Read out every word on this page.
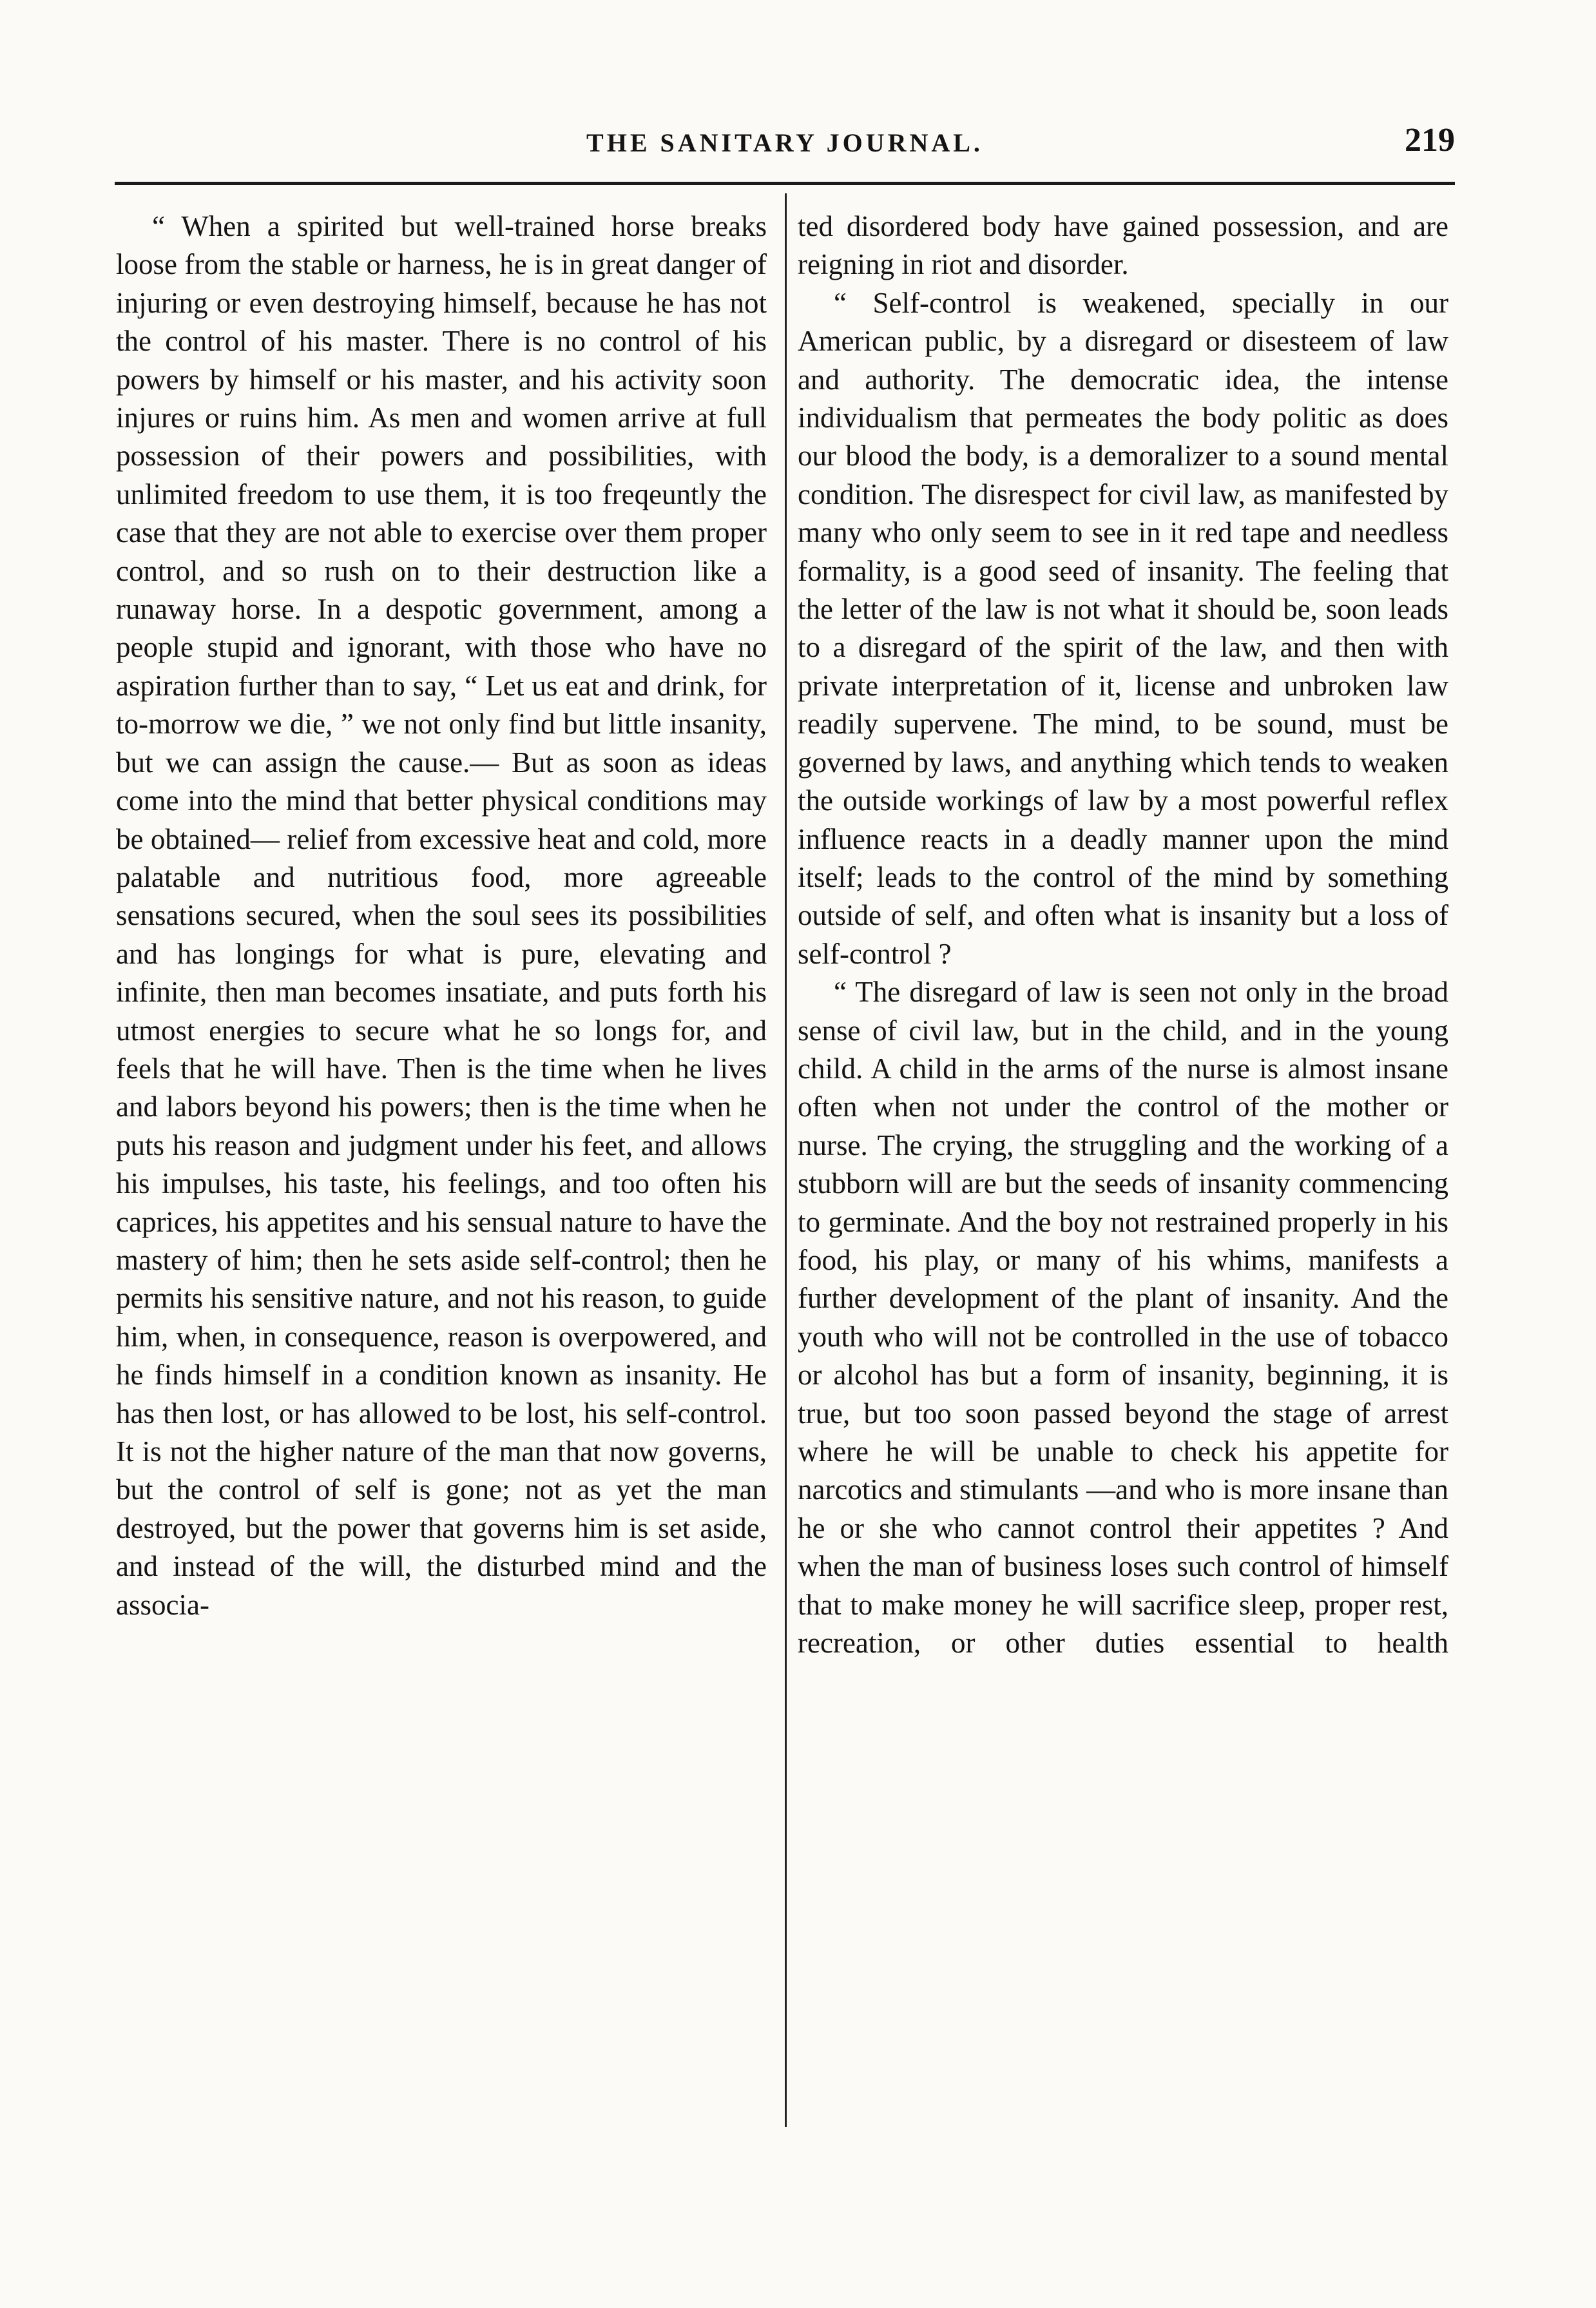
THE SANITARY JOURNAL.	219

“ When a spirited but well-trained horse breaks loose from the stable or harness, he is in great danger of injuring or even destroying himself, because he has not the control of his master. There is no control of his powers by himself or his master, and his activity soon injures or ruins him. As men and women arrive at full possession of their powers and possibilities, with unlimited freedom to use them, it is too freqeuntly the case that they are not able to exercise over them proper control, and so rush on to their destruction like a runaway horse. In a despotic government, among a people stupid and ignorant, with those who have no aspiration further than to say, “ Let us eat and drink, for to-morrow we die, ” we not only find but little insanity, but we can assign the cause.— But as soon as ideas come into the mind that better physical conditions may be obtained— relief from excessive heat and cold, more palatable and nutritious food, more agreeable sensations secured, when the soul sees its possibilities and has longings for what is pure, elevating and infinite, then man becomes insatiate, and puts forth his utmost energies to secure what he so longs for, and feels that he will have. Then is the time when he lives and labors beyond his powers; then is the time when he puts his reason and judgment under his feet, and allows his impulses, his taste, his feelings, and too often his caprices, his appetites and his sensual nature to have the mastery of him; then he sets aside self-control; then he permits his sensitive nature, and not his reason, to guide him, when, in consequence, reason is overpowered, and he finds himself in a condition known as insanity. He has then lost, or has allowed to be lost, his self-control. It is not the higher nature of the man that now governs, but the control of self is gone; not as yet the man destroyed, but the power that governs him is set aside, and instead of the will, the disturbed mind and the associa-

ted disordered body have gained possession, and are reigning in riot and disorder.

“ Self-control is weakened, specially in our American public, by a disregard or disesteem of law and authority. The democratic idea, the intense individualism that permeates the body politic as does our blood the body, is a demoralizer to a sound mental condition. The disrespect for civil law, as manifested by many who only seem to see in it red tape and needless formality, is a good seed of insanity. The feeling that the letter of the law is not what it should be, soon leads to a disregard of the spirit of the law, and then with private interpretation of it, license and unbroken law readily supervene. The mind, to be sound, must be governed by laws, and anything which tends to weaken the outside workings of law by a most powerful reflex influence reacts in a deadly manner upon the mind itself; leads to the control of the mind by something outside of self, and often what is insanity but a loss of self-control ?

“ The disregard of law is seen not only in the broad sense of civil law, but in the child, and in the young child. A child in the arms of the nurse is almost insane often when not under the control of the mother or nurse. The crying, the struggling and the working of a stubborn will are but the seeds of insanity commencing to germinate. And the boy not restrained properly in his food, his play, or many of his whims, manifests a further development of the plant of insanity. And the youth who will not be controlled in the use of tobacco or alcohol has but a form of insanity, beginning, it is true, but too soon passed beyond the stage of arrest where he will be unable to check his appetite for narcotics and stimulants —and who is more insane than he or she who cannot control their appetites ? And when the man of business loses such control of himself that to make money he will sacrifice sleep, proper rest, recreation, or other duties essential to health
